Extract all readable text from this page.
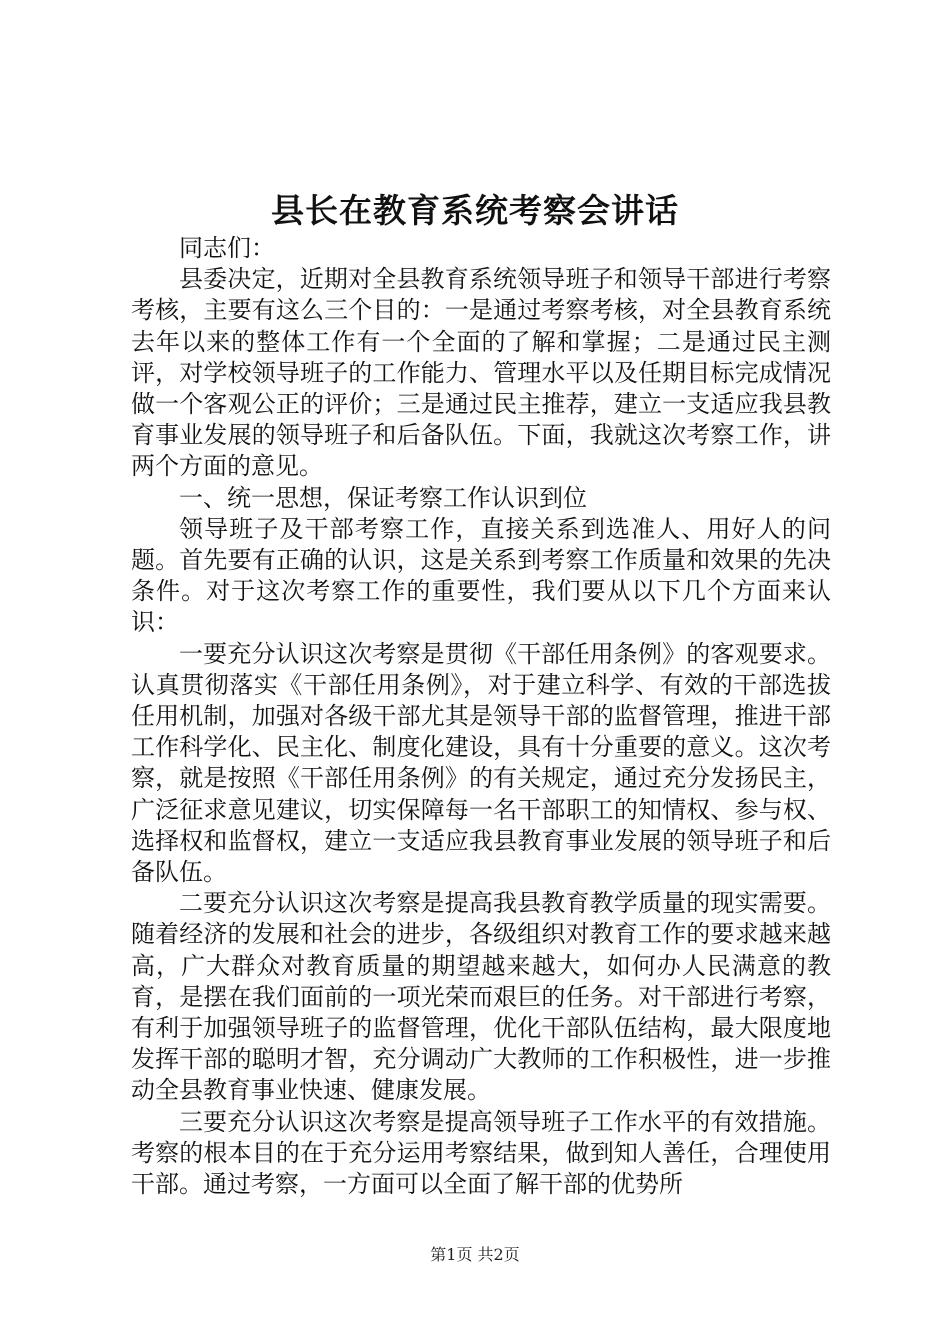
县长在教育系统考察会讲话

同志们：

县委决定，近期对全县教育系统领导班子和领导干部进行考察考核，主要有这么三个目的：一是通过考察考核，对全县教育系统去年以来的整体工作有一个全面的了解和掌握；二是通过民主测评，对学校领导班子的工作能力、管理水平以及任期目标完成情况做一个客观公正的评价；三是通过民主推荐，建立一支适应我县教育事业发展的领导班子和后备队伍。下面，我就这次考察工作，讲两个方面的意见。

一、统一思想，保证考察工作认识到位

领导班子及干部考察工作，直接关系到选准人、用好人的问题。首先要有正确的认识，这是关系到考察工作质量和效果的先决条件。对于这次考察工作的重要性，我们要从以下几个方面来认识：

一要充分认识这次考察是贯彻《干部任用条例》的客观要求。认真贯彻落实《干部任用条例》，对于建立科学、有效的干部选拔任用机制，加强对各级干部尤其是领导干部的监督管理，推进干部工作科学化、民主化、制度化建设，具有十分重要的意义。这次考察，就是按照《干部任用条例》的有关规定，通过充分发扬民主，广泛征求意见建议，切实保障每一名干部职工的知情权、参与权、选择权和监督权，建立一支适应我县教育事业发展的领导班子和后备队伍。

二要充分认识这次考察是提高我县教育教学质量的现实需要。随着经济的发展和社会的进步，各级组织对教育工作的要求越来越高，广大群众对教育质量的期望越来越大，如何办人民满意的教育，是摆在我们面前的一项光荣而艰巨的任务。对干部进行考察，有利于加强领导班子的监督管理，优化干部队伍结构，最大限度地发挥干部的聪明才智，充分调动广大教师的工作积极性，进一步推动全县教育事业快速、健康发展。

三要充分认识这次考察是提高领导班子工作水平的有效措施。考察的根本目的在于充分运用考察结果，做到知人善任，合理使用干部。通过考察，一方面可以全面了解干部的优势所

第1页 共2页
